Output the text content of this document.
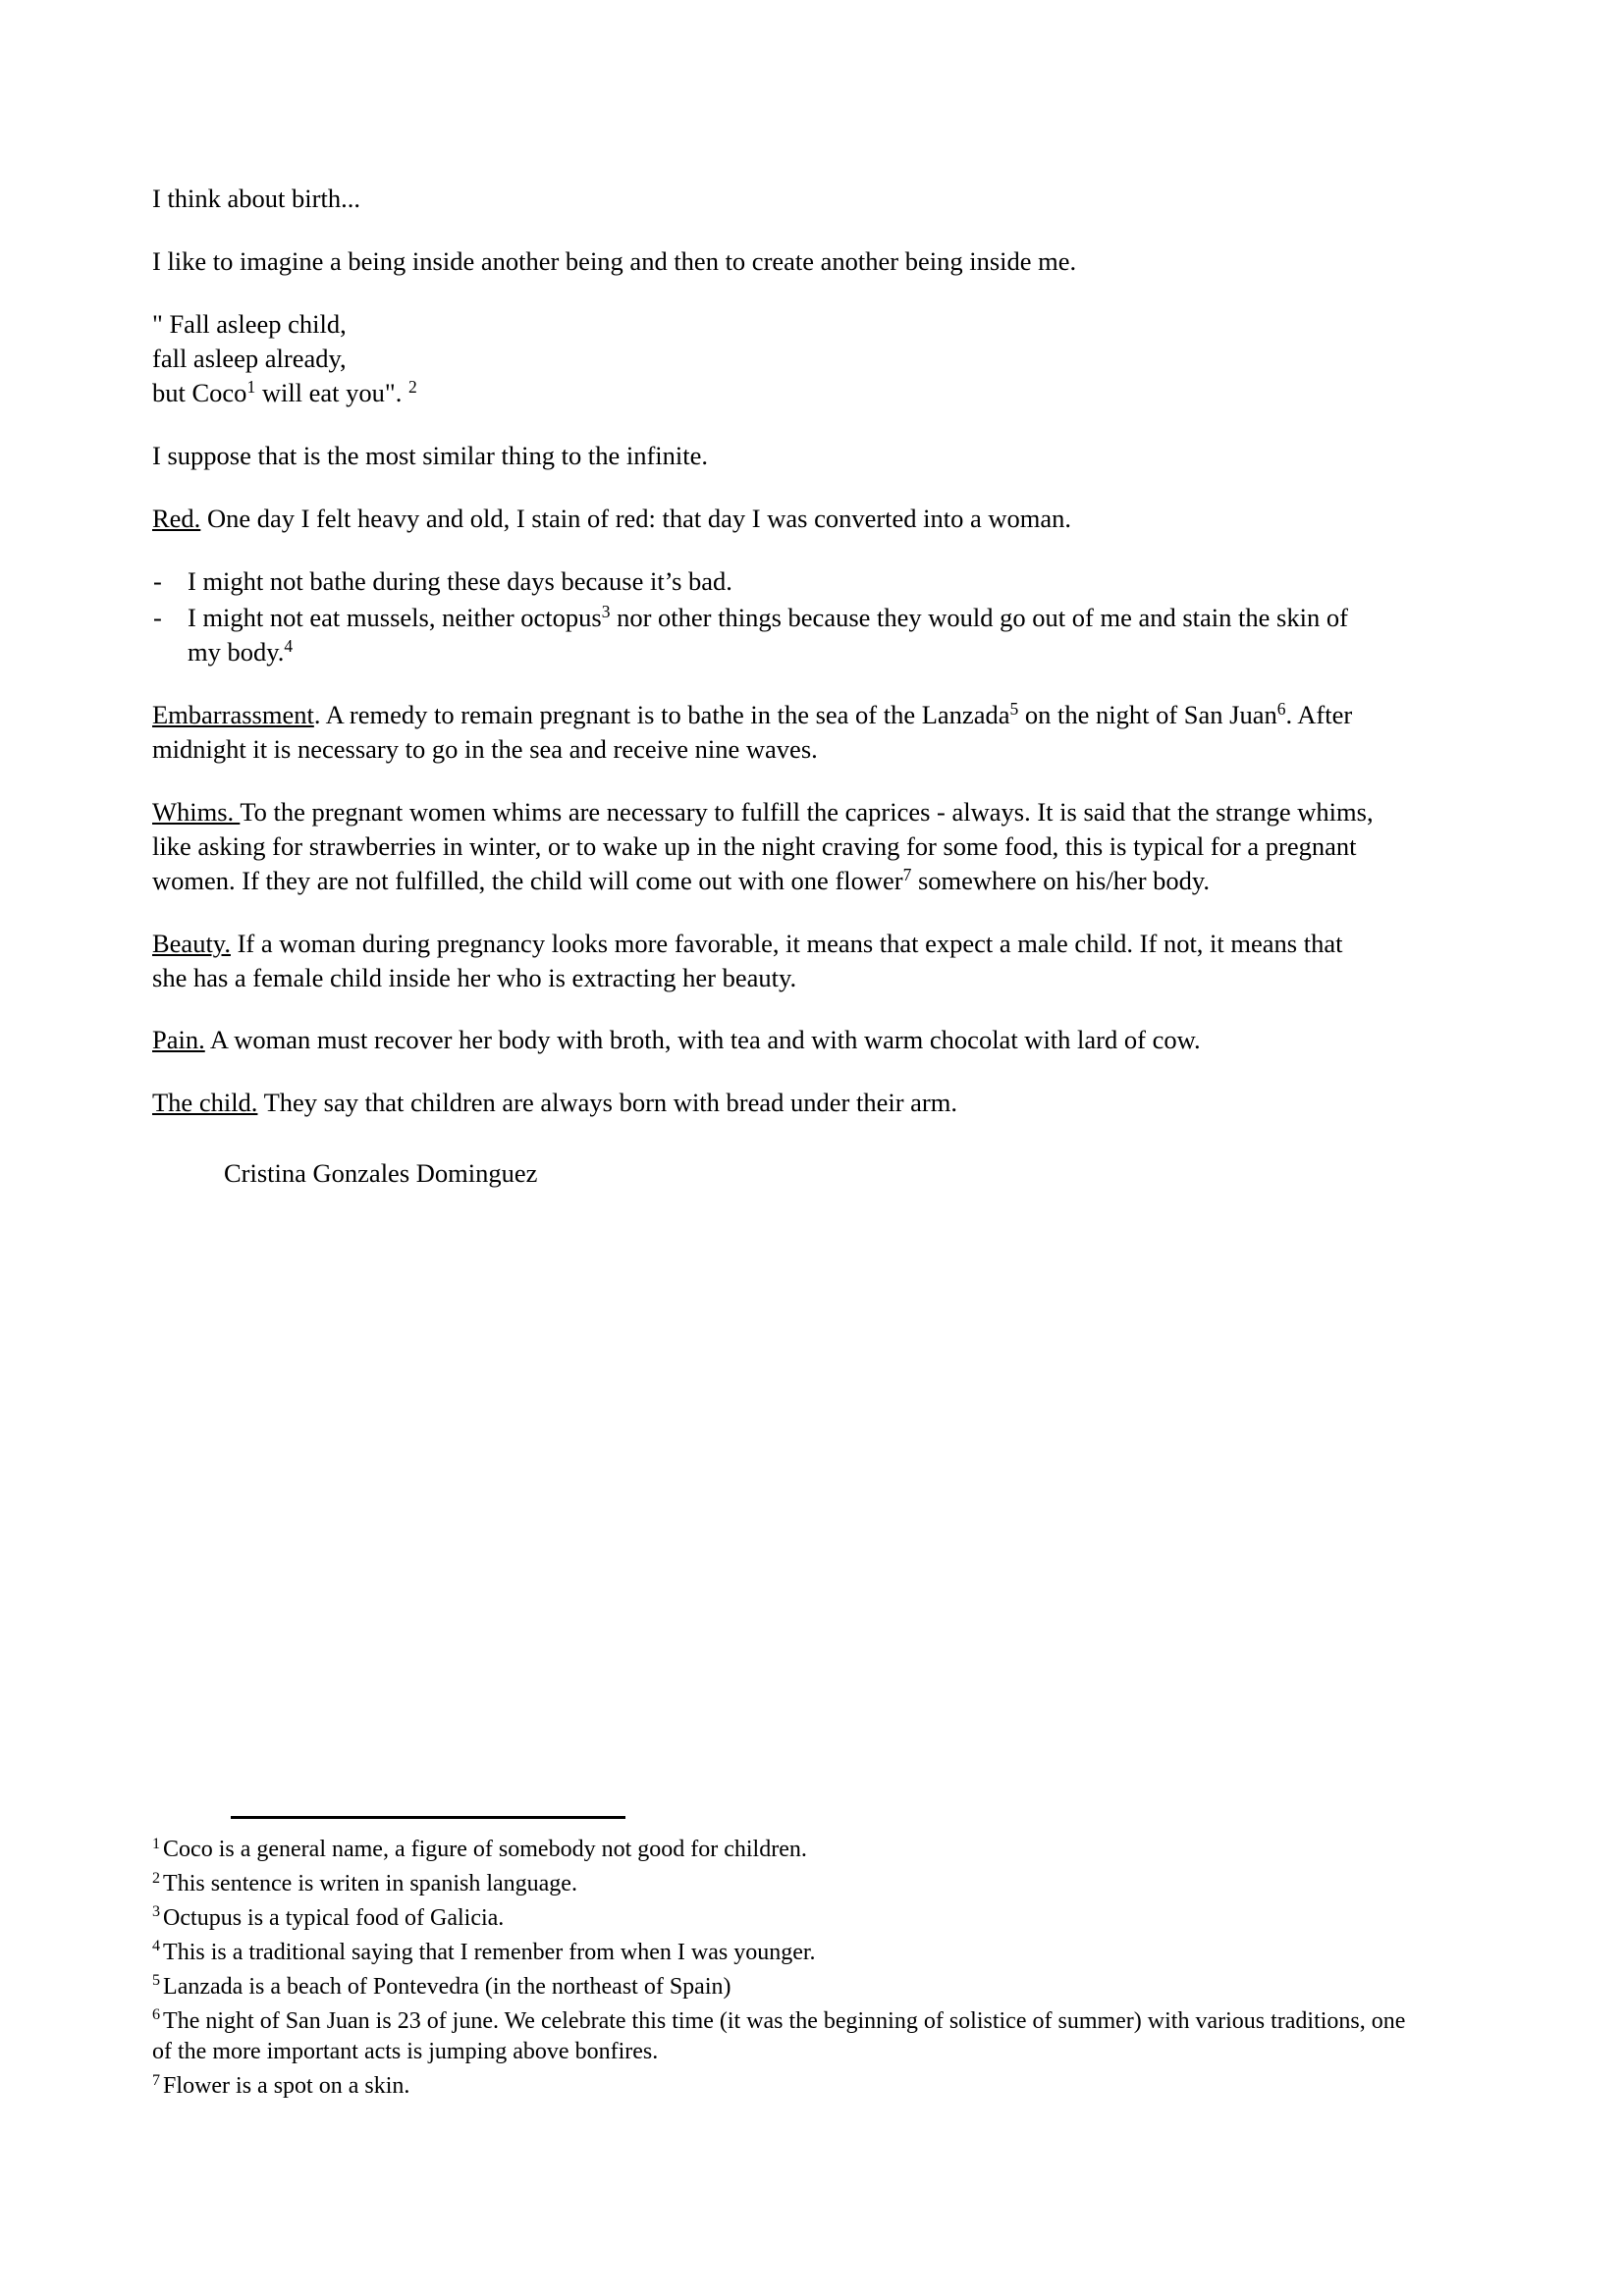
I think about birth...

I like to imagine a being inside another being and then to create another being inside me.

" Fall asleep child,
fall asleep already,
but Coco$^1$ will eat you". $^2$

I suppose that is the most similar thing to the infinite.

Red. One day I felt heavy and old, I stain of red: that day I was converted into a woman.

- I might not bathe during these days because it’s bad.
- I might not eat mussels, neither octopus$^3$ nor other things because they would go out of me and stain the skin of my body.$^4$

Embarrassment. A remedy to remain pregnant is to bathe in the sea of the Lanzada$^5$ on the night of San Juan$^6$. After midnight it is necessary to go in the sea and receive nine waves.

Whims. To the pregnant women whims are necessary to fulfill the caprices - always. It is said that the strange whims, like asking for strawberries in winter, or to wake up in the night craving for some food, this is typical for a pregnant women. If they are not fulfilled, the child will come out with one flower$^7$ somewhere on his/her body.

Beauty. If a woman during pregnancy looks more favorable, it means that expect a male child. If not, it means that she has a female child inside her who is extracting her beauty.

Pain. A woman must recover her body with broth, with tea and with warm chocolat with lard of cow.

The child. They say that children are always born with bread under their arm.

Cristina Gonzales Dominguez

$^1$ Coco is a general name, a figure of somebody not good for children.

$^2$ This sentence is writen in spanish language.

$^3$ Octupus is a typical food of Galicia.

$^4$ This is a traditional saying that I remenber from when I was younger.

$^5$ Lanzada is a beach of Pontevedra (in the northeast of Spain)

$^6$ The night of San Juan is 23 of june. We celebrate this time (it was the beginning of solistice of summer) with various traditions, one of the more important acts is jumping above bonfires.

$^7$ Flower is a spot on a skin.
